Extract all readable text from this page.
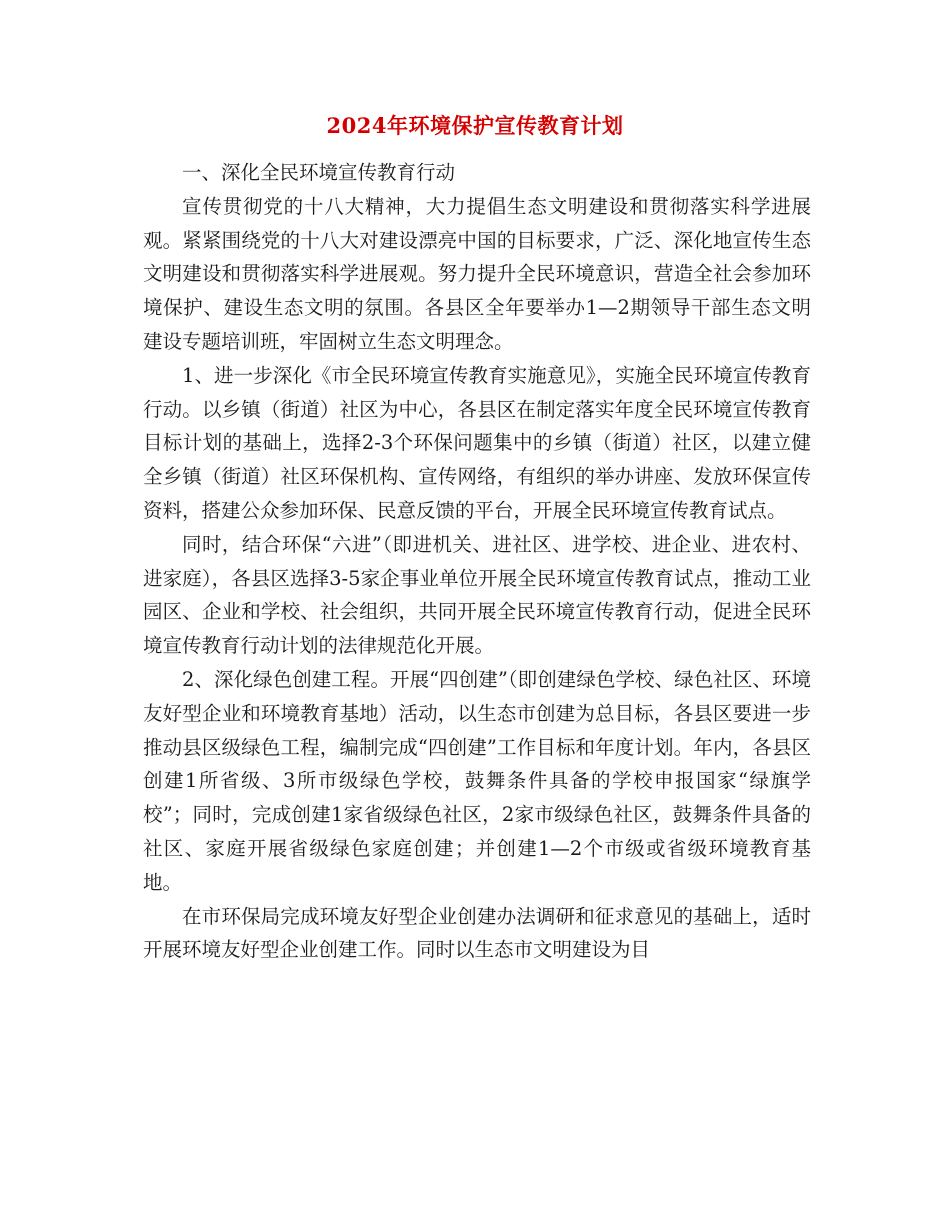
2024年环境保护宣传教育计划

一、深化全民环境宣传教育行动

宣传贯彻党的十八大精神，大力提倡生态文明建设和贯彻落实科学进展观。紧紧围绕党的十八大对建设漂亮中国的目标要求，广泛、深化地宣传生态文明建设和贯彻落实科学进展观。努力提升全民环境意识，营造全社会参加环境保护、建设生态文明的氛围。各县区全年要举办1—2期领导干部生态文明建设专题培训班，牢固树立生态文明理念。

1、进一步深化《市全民环境宣传教育实施意见》，实施全民环境宣传教育行动。以乡镇（街道）社区为中心，各县区在制定落实年度全民环境宣传教育目标计划的基础上，选择2-3个环保问题集中的乡镇（街道）社区，以建立健全乡镇（街道）社区环保机构、宣传网络，有组织的举办讲座、发放环保宣传资料，搭建公众参加环保、民意反馈的平台，开展全民环境宣传教育试点。

同时，结合环保“六进”（即进机关、进社区、进学校、进企业、进农村、进家庭），各县区选择3-5家企事业单位开展全民环境宣传教育试点，推动工业园区、企业和学校、社会组织，共同开展全民环境宣传教育行动，促进全民环境宣传教育行动计划的法律规范化开展。

2、深化绿色创建工程。开展“四创建”（即创建绿色学校、绿色社区、环境友好型企业和环境教育基地）活动，以生态市创建为总目标，各县区要进一步推动县区级绿色工程，编制完成“四创建”工作目标和年度计划。年内，各县区创建1所省级、3所市级绿色学校，鼓舞条件具备的学校申报国家“绿旗学校”；同时，完成创建1家省级绿色社区，2家市级绿色社区，鼓舞条件具备的社区、家庭开展省级绿色家庭创建；并创建1—2个市级或省级环境教育基地。

在市环保局完成环境友好型企业创建办法调研和征求意见的基础上，适时开展环境友好型企业创建工作。同时以生态市文明建设为目
